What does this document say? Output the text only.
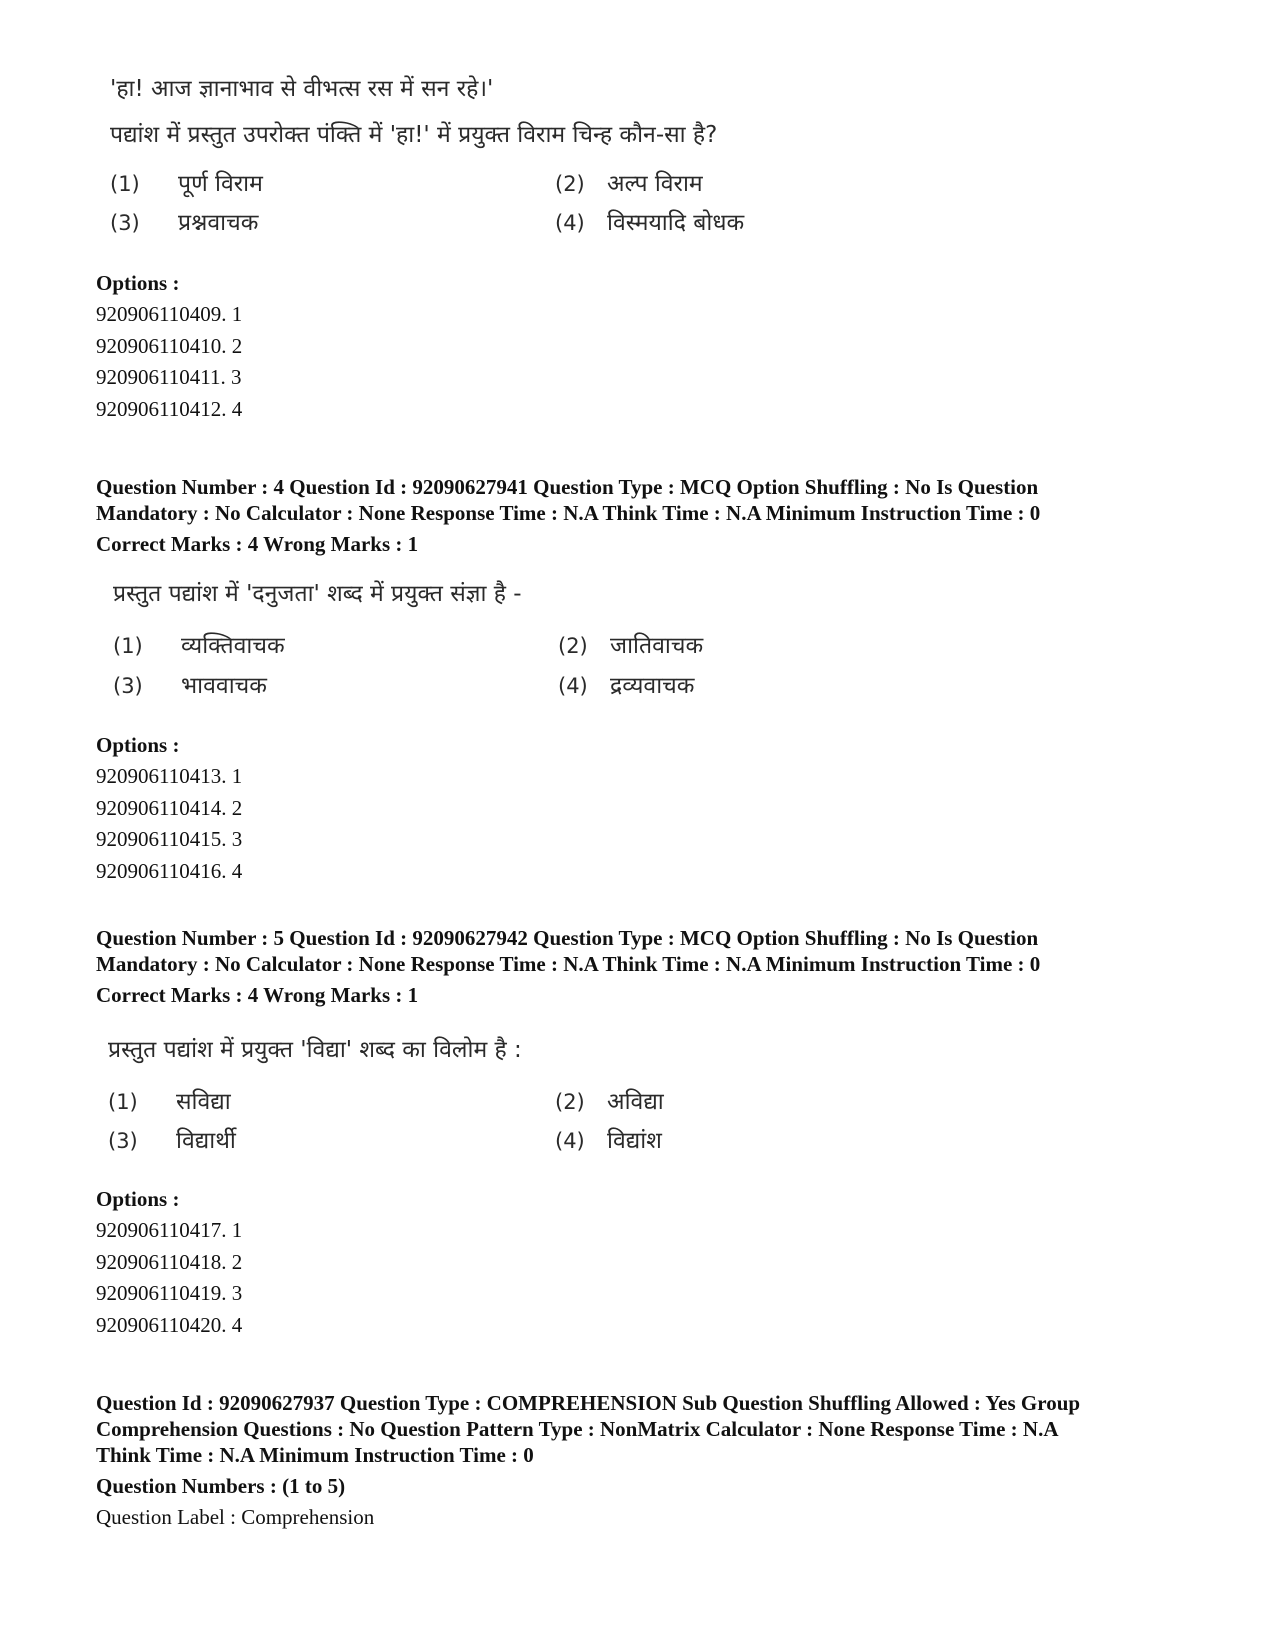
'हा! आज ज्ञानाभाव से वीभत्स रस में सन रहे।'
पद्यांश में प्रस्तुत उपरोक्त पंक्ति में 'हा!' में प्रयुक्त विराम चिन्ह कौन-सा है?
(1) पूर्ण विराम	(2) अल्प विराम
(3) प्रश्नवाचक	(4) विस्मयादि बोधक
Options :
920906110409. 1
920906110410. 2
920906110411. 3
920906110412. 4
Question Number : 4 Question Id : 92090627941 Question Type : MCQ Option Shuffling : No Is Question
Mandatory : No Calculator : None Response Time : N.A Think Time : N.A Minimum Instruction Time : 0
Correct Marks : 4 Wrong Marks : 1
प्रस्तुत पद्यांश में 'दनुजता' शब्द में प्रयुक्त संज्ञा है -
(1) व्यक्तिवाचक	(2) जातिवाचक
(3) भाववाचक	(4) द्रव्यवाचक
Options :
920906110413. 1
920906110414. 2
920906110415. 3
920906110416. 4
Question Number : 5 Question Id : 92090627942 Question Type : MCQ Option Shuffling : No Is Question
Mandatory : No Calculator : None Response Time : N.A Think Time : N.A Minimum Instruction Time : 0
Correct Marks : 4 Wrong Marks : 1
प्रस्तुत पद्यांश में प्रयुक्त 'विद्या' शब्द का विलोम है :
(1) सविद्या	(2) अविद्या
(3) विद्यार्थी	(4) विद्यांश
Options :
920906110417. 1
920906110418. 2
920906110419. 3
920906110420. 4
Question Id : 92090627937 Question Type : COMPREHENSION Sub Question Shuffling Allowed : Yes Group
Comprehension Questions : No Question Pattern Type : NonMatrix Calculator : None Response Time : N.A
Think Time : N.A Minimum Instruction Time : 0
Question Numbers : (1 to 5)
Question Label : Comprehension
